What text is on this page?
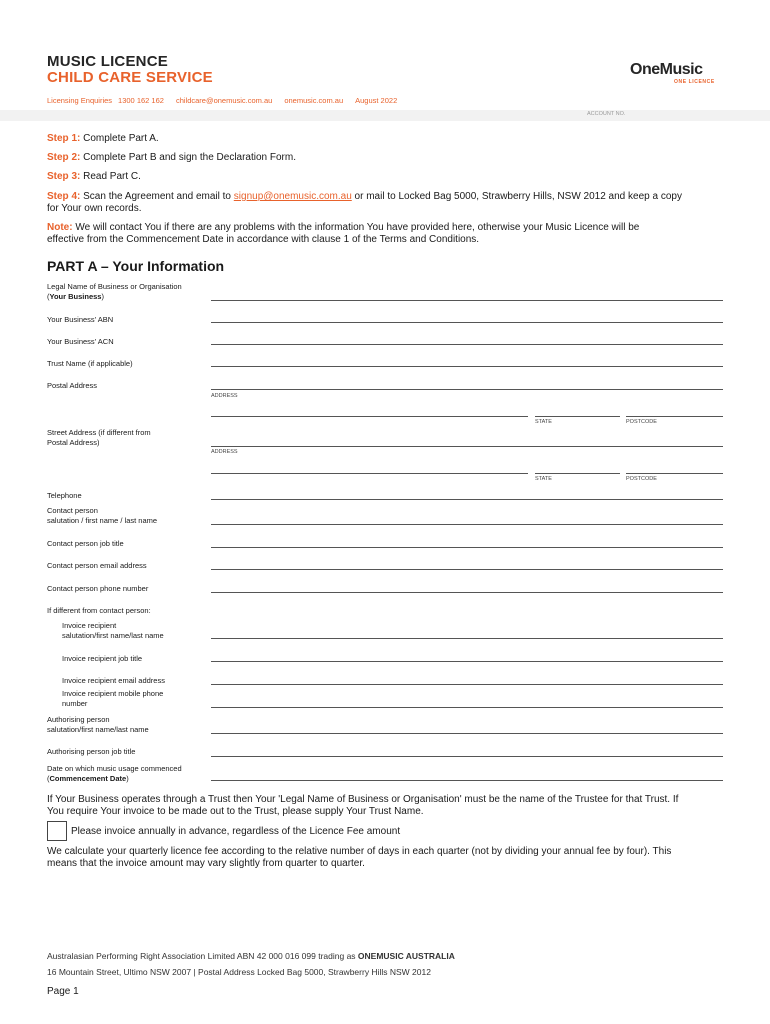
MUSIC LICENCE
CHILD CARE SERVICE
Licensing Enquiries 1300 162 162 childcare@onemusic.com.au onemusic.com.au August 2022
OneMusic
ONE LICENCE
ACCOUNT NO.
Step 1: Complete Part A.
Step 2: Complete Part B and sign the Declaration Form.
Step 3: Read Part C.
Step 4: Scan the Agreement and email to signup@onemusic.com.au or mail to Locked Bag 5000, Strawberry Hills, NSW 2012 and keep a copy
for Your own records.
Note: We will contact You if there are any problems with the information You have provided here, otherwise your Music Licence will be
effective from the Commencement Date in accordance with clause 1 of the Terms and Conditions.
PART A – Your Information
Legal Name of Business or Organisation
(Your Business)
Your Business' ABN
Your Business' ACN
Trust Name (if applicable)
Postal Address
ADDRESS
STATE	POSTCODE
Street Address (if different from
Postal Address)
ADDRESS
STATE	POSTCODE
Telephone
Contact person
salutation / first name / last name
Contact person job title
Contact person email address
Contact person phone number
If different from contact person:
Invoice recipient
salutation/first name/last name
Invoice recipient job title
Invoice recipient email address
Invoice recipient mobile phone
number
Authorising person
salutation/first name/last name
Authorising person job title
Date on which music usage commenced
(Commencement Date)
If Your Business operates through a Trust then Your 'Legal Name of Business or Organisation' must be the name of the Trustee for that Trust. If
You require Your invoice to be made out to the Trust, please supply Your Trust Name.
Please invoice annually in advance, regardless of the Licence Fee amount
We calculate your quarterly licence fee according to the relative number of days in each quarter (not by dividing your annual fee by four). This
means that the invoice amount may vary slightly from quarter to quarter.
Australasian Performing Right Association Limited ABN 42 000 016 099 trading as ONEMUSIC AUSTRALIA
16 Mountain Street, Ultimo NSW 2007 | Postal Address Locked Bag 5000, Strawberry Hills NSW 2012
Page 1
